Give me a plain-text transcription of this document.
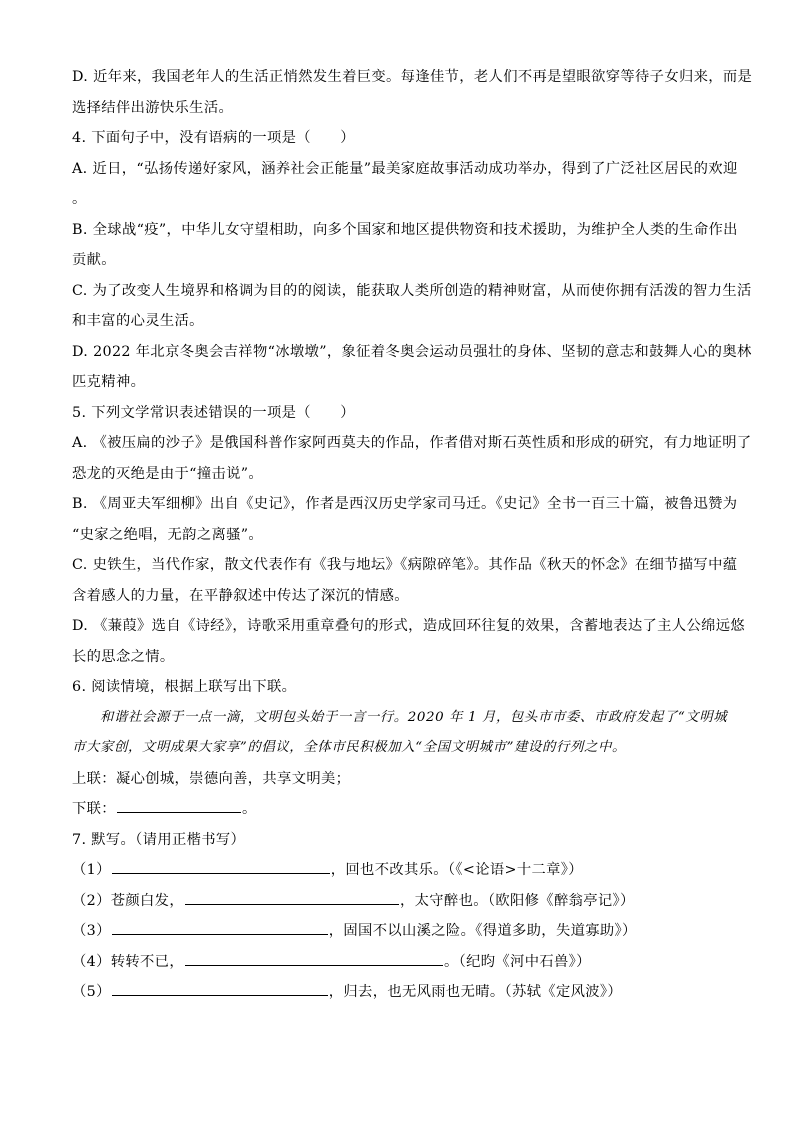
D. 近年来，我国老年人的生活正悄然发生着巨变。每逢佳节，老人们不再是望眼欲穿等待子女归来，而是
选择结伴出游快乐生活。
4. 下面句子中，没有语病的一项是（　　）
A. 近日，“弘扬传递好家风，涵养社会正能量”最美家庭故事活动成功举办，得到了广泛社区居民的欢迎
。
B. 全球战“疫”，中华儿女守望相助，向多个国家和地区提供物资和技术援助，为维护全人类的生命作出
贡献。
C. 为了改变人生境界和格调为目的的阅读，能获取人类所创造的精神财富，从而使你拥有活泼的智力生活
和丰富的心灵生活。
D. 2022 年北京冬奥会吉祥物“冰墩墩”，象征着冬奥会运动员强壮的身体、坚韧的意志和鼓舞人心的奥林
匹克精神。
5. 下列文学常识表述错误的一项是（　　）
A. 《被压扁的沙子》是俄国科普作家阿西莫夫的作品，作者借对斯石英性质和形成的研究，有力地证明了
恐龙的灭绝是由于“撞击说”。
B. 《周亚夫军细柳》出自《史记》，作者是西汉历史学家司马迁。《史记》全书一百三十篇，被鲁迅赞为
“史家之绝唱，无韵之离骚”。
C. 史铁生，当代作家，散文代表作有《我与地坛》《病隙碎笔》。其作品《秋天的怀念》在细节描写中蕴
含着感人的力量，在平静叙述中传达了深沉的情感。
D. 《蒹葭》选自《诗经》，诗歌采用重章叠句的形式，造成回环往复的效果，含蓄地表达了主人公绵远悠
长的思念之情。
6. 阅读情境，根据上联写出下联。
和谐社会源于一点一滴，文明包头始于一言一行。2020 年 1 月，包头市市委、市政府发起了“文明城
市大家创，文明成果大家享”的倡议，全体市民积极加入“全国文明城市”建设的行列之中。
上联：凝心创城，崇德向善，共享文明美；
下联：	。
7. 默写。（请用正楷书写）
（1）	，回也不改其乐。（《<论语>十二章》）
（2）苍颜白发，	，太守醉也。（欧阳修《醉翁亭记》）
（3）	，固国不以山溪之险。《得道多助，失道寡助》）
（4）转转不已，	。（纪昀《河中石兽》）
（5）	，归去，也无风雨也无晴。（苏轼《定风波》）
